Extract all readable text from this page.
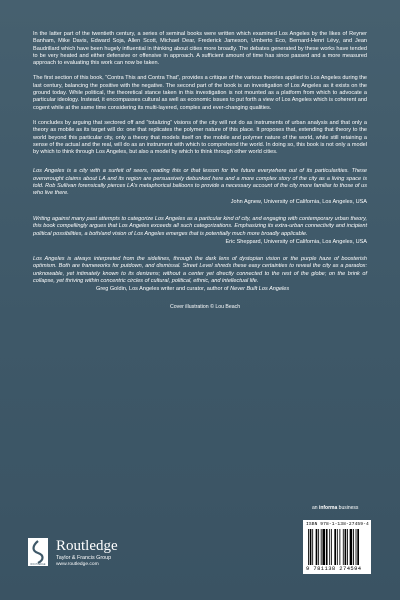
In the latter part of the twentieth century, a series of seminal books were written which examined Los Angeles by the likes of Reyner Banham, Mike Davis, Edward Soja, Allen Scott, Michael Dear, Frederick Jameson, Umberto Eco, Bernard-Henri Lévy, and Jean Baudrillard which have been hugely influential in thinking about cities more broadly. The debates generated by these works have tended to be very heated and either defensive or offensive in approach. A sufficient amount of time has since passed and a more measured approach to evaluating this work can now be taken.

The first section of this book, “Contra This and Contra That”, provides a critique of the various theories applied to Los Angeles during the last century, balancing the positive with the negative. The second part of the book is an investigation of Los Angeles as it exists on the ground today. While political, the theoretical stance taken in this investigation is not mounted as a platform from which to advocate a particular ideology. Instead, it encompasses cultural as well as economic issues to put forth a view of Los Angeles which is coherent and cogent while at the same time considering its multi-layered, complex and ever-changing qualities.

It concludes by arguing that sectored off and “totalizing” visions of the city will not do as instruments of urban analysis and that only a theory as mobile as its target will do: one that replicates the polymer nature of this place. It proposes that, extending that theory to the world beyond this particular city, only a theory that models itself on the mobile and polymer nature of the world, while still retaining a sense of the actual and the real, will do as an instrument with which to comprehend the world. In doing so, this book is not only a model by which to think through Los Angeles, but also a model by which to think through other world cities.

Los Angeles is a city with a surfeit of seers, reading this or that lesson for the future everywhere out of its particularities. These overwrought claims about LA and its region are persuasively debunked here and a more complex story of the city as a living space is told. Rob Sullivan forensically pierces LA’s metaphorical balloons to provide a necessary account of the city more familiar to those of us who live there.
John Agnew, University of California, Los Angeles, USA
Writing against many past attempts to categorize Los Angeles as a particular kind of city, and engaging with contemporary urban theory, this book compellingly argues that Los Angeles exceeds all such categorizations. Emphasizing its extra-urban connectivity and incipient political possibilities, a both/and vision of Los Angeles emerges that is potentially much more broadly applicable.
Eric Sheppard, University of California, Los Angeles, USA
Los Angeles is always interpreted from the sidelines, through the dark lens of dystopian vision or the purple haze of boosterish optimism. Both are frameworks for putdown, and dismissal. Street Level shreds these easy certainties to reveal the city as a paradox: unknowable, yet intimately known to its denizens; without a center yet directly connected to the rest of the globe; on the brink of collapse, yet thriving within concentric circles of cultural, political, ethnic, and intellectual life.
Greg Goldin, Los Angeles writer and curator, author of Never Built Los Angeles
Cover illustration © Lou Beach
an informa business
ISBN 978-1-138-27459-4
9 781138 274594
ROUTLEDGE
Routledge
Taylor & Francis Group
www.routledge.com
